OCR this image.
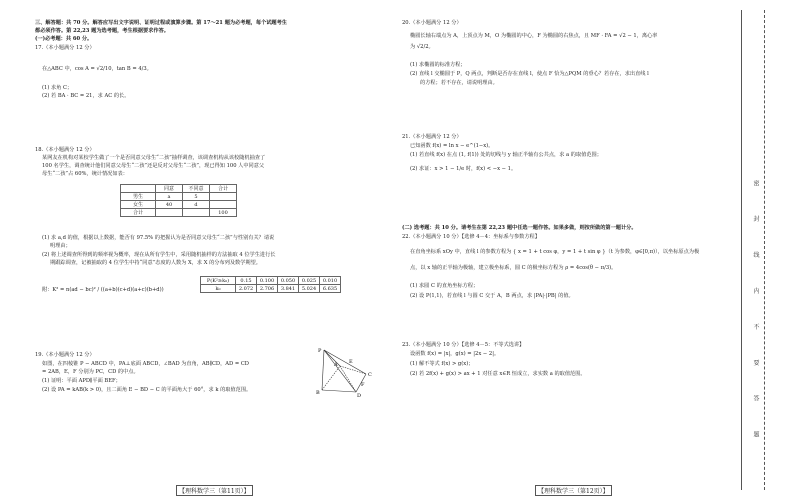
三、解答题：共 70 分。解答应写出文字说明、证明过程或演算步骤。第 17～21 题为必考题，每个试题考生
都必须作答。第 22,23 题为选考题，考生根据要求作答。
(一)必考题：共 60 分。
17.（本小题满分 12 分）
在△ABC 中，cos A = √2/10，tan B = 4/3。
(1) 求角 C；
(2) 若 BA · BC = 21，求 AC 的长。
18.（本小题满分 12 分）
某网友在机构对某校学生做了一个是否同意父母生“二孩”抽样调查，该调查机构从该校随机抽查了
100 名学生，调查统计他们同意父母生“二孩”还是反对父母生“二孩”，现已得知 100 人中同意父
母生“二孩”占 60%，统计情况如表：
	同意	不同意	合计
男生	a	5	
女生	40	d	
合计			100
(1) 求 a,d 的值，根据以上数据，能否有 97.5% 的把握认为是否同意父母生“二孩”与性别有关？请说
明理由；
(2) 将上述调查所得到的频率视为概率，现在从所有学生中，采用随机抽样的方法抽取 4 位学生进行长
期跟踪调查，记被抽取的 4 位学生中持“同意”态度的人数为 X，求 X 的分布列及数学期望。
附：K² = n(ad − bc)² / ((a+b)(c+d)(a+c)(b+d))
P(K²≥k₀)	0.15	0.100	0.050	0.025	0.010
k₀	2.072	2.706	3.841	5.024	6.635
19.（本小题满分 12 分）
如图，在四棱锥 P − ABCD 中，PA⊥底面 ABCD，∠BAD 为直角，AB∥CD，AD = CD
= 2AB，E，F 分别为 PC，CD 的中点。
(1) 证明：平面 APD∥平面 BEF；
(2) 设 PA = kAB(k > 0)，且二面角 E − BD − C 的平面角大于 60°，求 k 的取值范围。
P
A
B
C
D
E
F
【理科数学三（第11页）】
20.（本小题满分 12 分）
椭圆长轴右端点为 A，上顶点为 M，O 为椭圆的中心，F 为椭圆的右焦点，且 MF · FA = √2 − 1，离心率
为 √2/2。
(1) 求椭圆的标准方程；
(2) 直线 l 交椭圆于 P，Q 两点，判断是否存在直线 l，使点 F 恰为△PQM 的垂心？若存在，求出直线 l
的方程；若不存在，请说明理由。
21.（本小题满分 12 分）
已知函数 f(x) = ln x − e^(1−x)。
(1) 若直线 f(x) 在点 (1, f(1)) 处的切线与 y 轴正半轴有公共点，求 a 的取值范围；
(2) 求证：x > 1 − 1/e 时，f(x) < −x − 1。
(二) 选考题：共 10 分。请考生在第 22,23 题中任选一题作答。如果多做，则按所做的第一题计分。
22.（本小题满分 10 分）【选修 4－4：坐标系与参数方程】
在直角坐标系 xOy 中，直线 l 的参数方程为 { x = 1 + t cos φ，y = 1 + t sin φ }（t 为参数，φ∈[0,π)），以坐标原点为极
点，以 x 轴的正半轴为极轴，建立极坐标系，圆 C 的极坐标方程为 ρ = 4cos(θ − π/3)。
(1) 求圆 C 的直角坐标方程；
(2) 设 P(1,1)，若直线 l 与圆 C 交于 A，B 两点，求 |PA|·|PB| 的值。
23.（本小题满分 10 分）【选修 4－5：不等式选讲】
设函数 f(x) = |x|，g(x) = |2x − 2|。
(1) 解不等式 f(x) > g(x)；
(2) 若 2f(x) + g(x) > ax + 1 对任意 x∈R 恒成立，求实数 a 的取值范围。
【理科数学三（第12页）】
密 封 线 内 不 要 答 题
